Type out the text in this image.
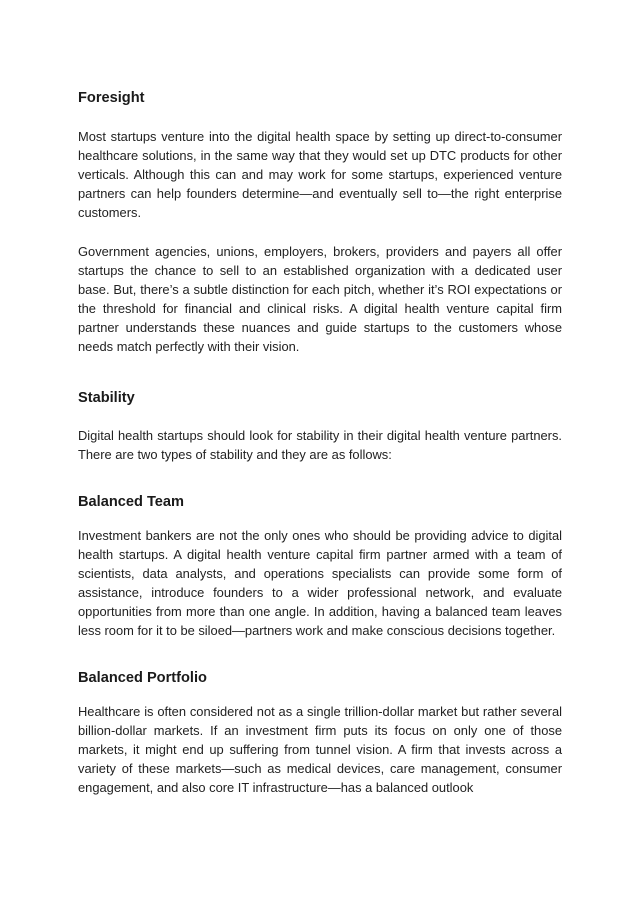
Foresight

Most startups venture into the digital health space by setting up direct-to-consumer healthcare solutions, in the same way that they would set up DTC products for other verticals. Although this can and may work for some startups, experienced venture partners can help founders determine—and eventually sell to—the right enterprise customers.

Government agencies, unions, employers, brokers, providers and payers all offer startups the chance to sell to an established organization with a dedicated user base. But, there’s a subtle distinction for each pitch, whether it’s ROI expectations or the threshold for financial and clinical risks. A digital health venture capital firm partner understands these nuances and guide startups to the customers whose needs match perfectly with their vision.

Stability

Digital health startups should look for stability in their digital health venture partners. There are two types of stability and they are as follows:

Balanced Team

Investment bankers are not the only ones who should be providing advice to digital health startups. A digital health venture capital firm partner armed with a team of scientists, data analysts, and operations specialists can provide some form of assistance, introduce founders to a wider professional network, and evaluate opportunities from more than one angle. In addition, having a balanced team leaves less room for it to be siloed—partners work and make conscious decisions together.

Balanced Portfolio

Healthcare is often considered not as a single trillion-dollar market but rather several billion-dollar markets. If an investment firm puts its focus on only one of those markets, it might end up suffering from tunnel vision. A firm that invests across a variety of these markets—such as medical devices, care management, consumer engagement, and also core IT infrastructure—has a balanced outlook
